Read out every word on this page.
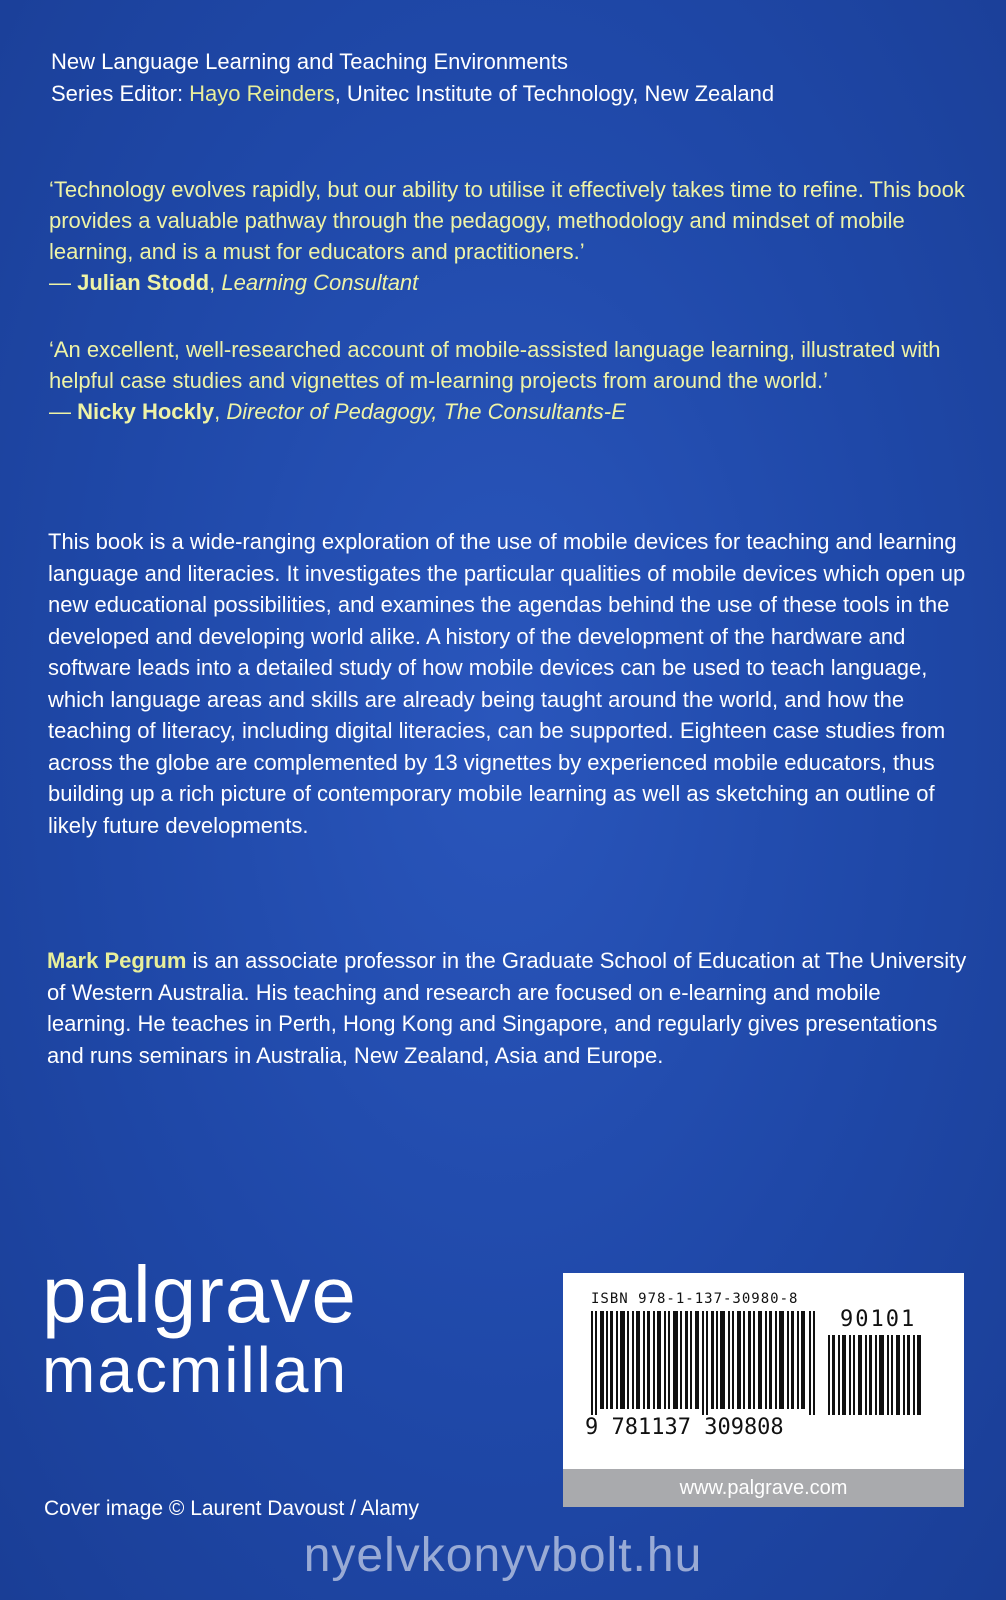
New Language Learning and Teaching Environments
Series Editor: Hayo Reinders, Unitec Institute of Technology, New Zealand
‘Technology evolves rapidly, but our ability to utilise it effectively takes time to refine. This book provides a valuable pathway through the pedagogy, methodology and mindset of mobile learning, and is a must for educators and practitioners.’
— Julian Stodd, Learning Consultant
‘An excellent, well-researched account of mobile-assisted language learning, illustrated with helpful case studies and vignettes of m-learning projects from around the world.’
— Nicky Hockly, Director of Pedagogy, The Consultants-E
This book is a wide-ranging exploration of the use of mobile devices for teaching and learning language and literacies. It investigates the particular qualities of mobile devices which open up new educational possibilities, and examines the agendas behind the use of these tools in the developed and developing world alike. A history of the development of the hardware and software leads into a detailed study of how mobile devices can be used to teach language, which language areas and skills are already being taught around the world, and how the teaching of literacy, including digital literacies, can be supported. Eighteen case studies from across the globe are complemented by 13 vignettes by experienced mobile educators, thus building up a rich picture of contemporary mobile learning as well as sketching an outline of likely future developments.
Mark Pegrum is an associate professor in the Graduate School of Education at The University of Western Australia. His teaching and research are focused on e-learning and mobile learning. He teaches in Perth, Hong Kong and Singapore, and regularly gives presentations and runs seminars in Australia, New Zealand, Asia and Europe.
palgrave
macmillan
Cover image © Laurent Davoust / Alamy
ISBN 978-1-137-30980-8
90101
9 781137 309808
www.palgrave.com
nyelvkonyvbolt.hu
